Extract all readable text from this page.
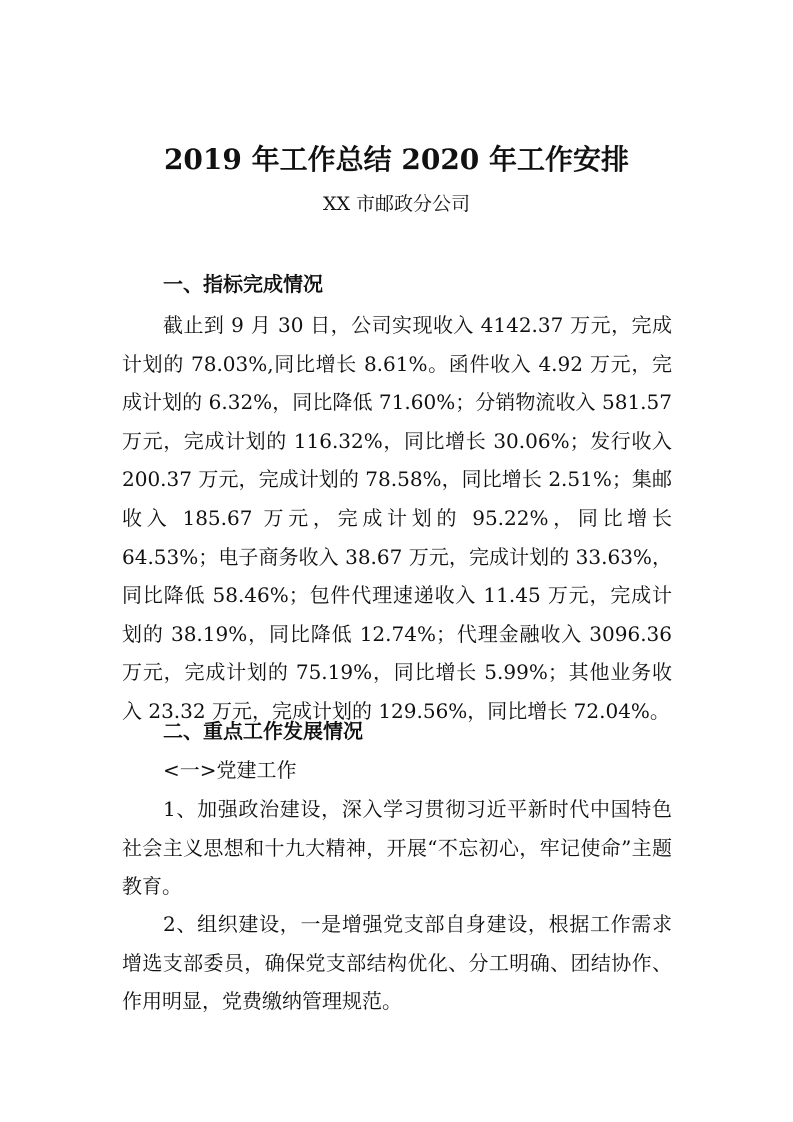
2019 年工作总结 2020 年工作安排
XX 市邮政分公司
一、指标完成情况
截止到 9 月 30 日，公司实现收入 4142.37 万元，完成计划的 78.03%,同比增长 8.61%。函件收入 4.92 万元，完成计划的 6.32%，同比降低 71.60%；分销物流收入 581.57 万元，完成计划的 116.32%，同比增长 30.06%；发行收入 200.37 万元，完成计划的 78.58%，同比增长 2.51%；集邮收入 185.67 万元，完成计划的 95.22%，同比增长 64.53%；电子商务收入 38.67 万元，完成计划的 33.63%，同比降低 58.46%；包件代理速递收入 11.45 万元，完成计划的 38.19%，同比降低 12.74%；代理金融收入 3096.36 万元，完成计划的 75.19%，同比增长 5.99%；其他业务收入 23.32 万元，完成计划的 129.56%，同比增长 72.04%。
二、重点工作发展情况
<一>党建工作
1、加强政治建设，深入学习贯彻习近平新时代中国特色社会主义思想和十九大精神，开展“不忘初心，牢记使命”主题教育。
2、组织建设，一是增强党支部自身建设，根据工作需求增选支部委员，确保党支部结构优化、分工明确、团结协作、作用明显，党费缴纳管理规范。
